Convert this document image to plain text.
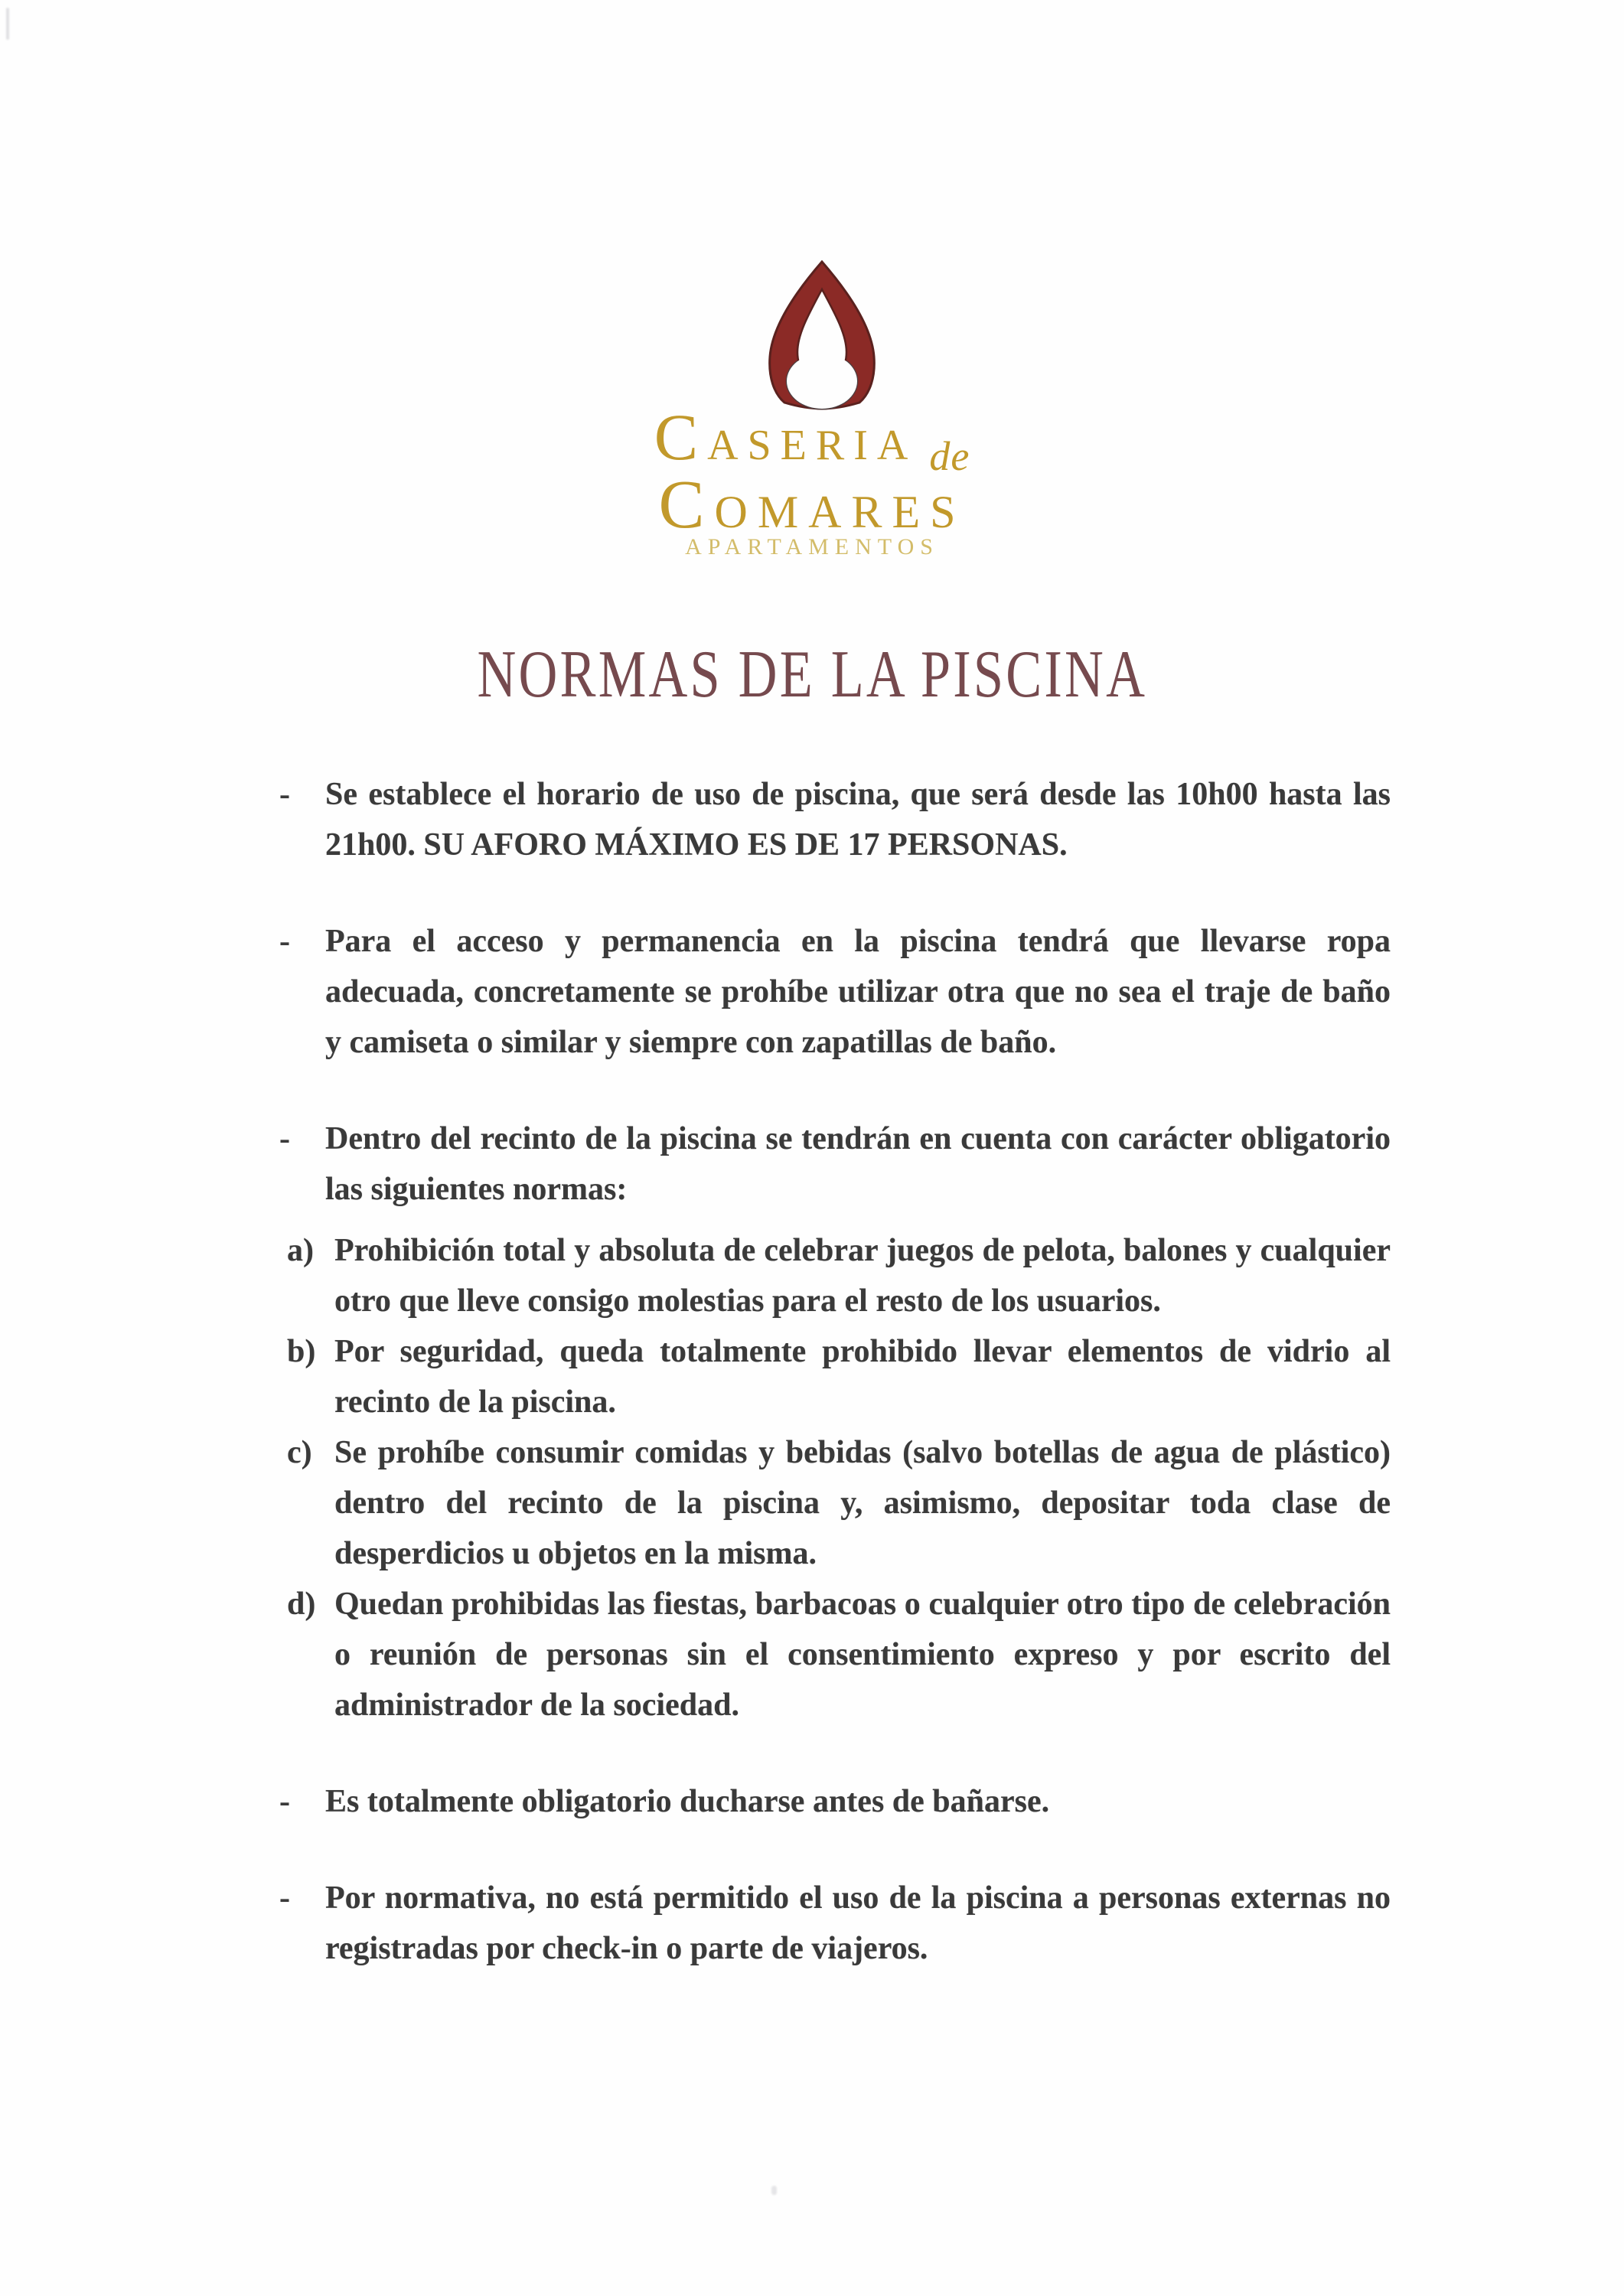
CASERIA de
COMARES
APARTAMENTOS
NORMAS DE LA PISCINA
-	Se establece el horario de uso de piscina, que será desde las 10h00 hasta las 21h00. SU AFORO MÁXIMO ES DE 17 PERSONAS.

-	Para el acceso y permanencia en la piscina tendrá que llevarse ropa adecuada, concretamente se prohíbe utilizar otra que no sea el traje de baño y camiseta o similar y siempre con zapatillas de baño.

-	Dentro del recinto de la piscina se tendrán en cuenta con carácter obligatorio las siguientes normas:

a) Prohibición total y absoluta de celebrar juegos de pelota, balones y cualquier otro que lleve consigo molestias para el resto de los usuarios.

b) Por seguridad, queda totalmente prohibido llevar elementos de vidrio al recinto de la piscina.

c) Se prohíbe consumir comidas y bebidas (salvo botellas de agua de plástico) dentro del recinto de la piscina y, asimismo, depositar toda clase de desperdicios u objetos en la misma.

d) Quedan prohibidas las fiestas, barbacoas o cualquier otro tipo de celebración o reunión de personas sin el consentimiento expreso y por escrito del administrador de la sociedad.

-	Es totalmente obligatorio ducharse antes de bañarse.

-	Por normativa, no está permitido el uso de la piscina a personas externas no registradas por check-in o parte de viajeros.
